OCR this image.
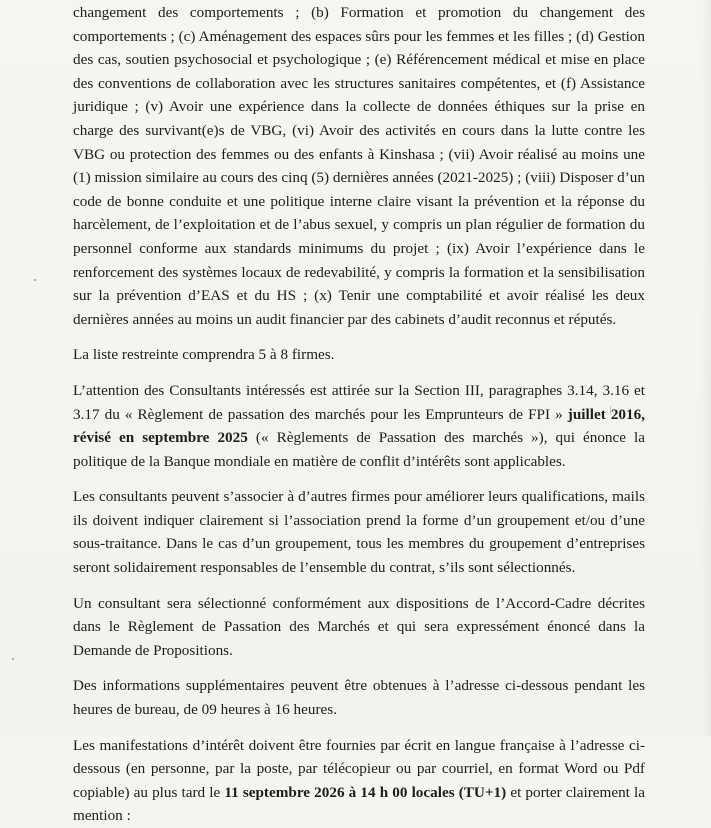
changement des comportements ; (b) Formation et promotion du changement des comportements ; (c) Aménagement des espaces sûrs pour les femmes et les filles ; (d) Gestion des cas, soutien psychosocial et psychologique ; (e) Référencement médical et mise en place des conventions de collaboration avec les structures sanitaires compétentes, et (f) Assistance juridique ; (v) Avoir une expérience dans la collecte de données éthiques sur la prise en charge des survivant(e)s de VBG, (vi) Avoir des activités en cours dans la lutte contre les VBG ou protection des femmes ou des enfants à Kinshasa ; (vii) Avoir réalisé au moins une (1) mission similaire au cours des cinq (5) dernières années (2021-2025) ; (viii) Disposer d’un code de bonne conduite et une politique interne claire visant la prévention et la réponse du harcèlement, de l’exploitation et de l’abus sexuel, y compris un plan régulier de formation du personnel conforme aux standards minimums du projet ; (ix) Avoir l’expérience dans le renforcement des systèmes locaux de redevabilité, y compris la formation et la sensibilisation sur la prévention d’EAS et du HS ; (x) Tenir une comptabilité et avoir réalisé les deux dernières années au moins un audit financier par des cabinets d’audit reconnus et réputés.

La liste restreinte comprendra 5 à 8 firmes.

L’attention des Consultants intéressés est attirée sur la Section III, paragraphes 3.14, 3.16 et 3.17 du « Règlement de passation des marchés pour les Emprunteurs de FPI » juillet 2016, révisé en septembre 2025 (« Règlements de Passation des marchés »), qui énonce la politique de la Banque mondiale en matière de conflit d’intérêts sont applicables.

Les consultants peuvent s’associer à d’autres firmes pour améliorer leurs qualifications, mails ils doivent indiquer clairement si l’association prend la forme d’un groupement et/ou d’une sous-traitance. Dans le cas d’un groupement, tous les membres du groupement d’entreprises seront solidairement responsables de l’ensemble du contrat, s’ils sont sélectionnés.

Un consultant sera sélectionné conformément aux dispositions de l’Accord-Cadre décrites dans le Règlement de Passation des Marchés et qui sera expressément énoncé dans la Demande de Propositions.

Des informations supplémentaires peuvent être obtenues à l’adresse ci-dessous pendant les heures de bureau, de 09 heures à 16 heures.

Les manifestations d’intérêt doivent être fournies par écrit en langue française à l’adresse ci-dessous (en personne, par la poste, par télécopieur ou par courriel, en format Word ou Pdf copiable) au plus tard le 11 septembre 2026 à 14 h 00 locales (TU+1) et porter clairement la mention :
